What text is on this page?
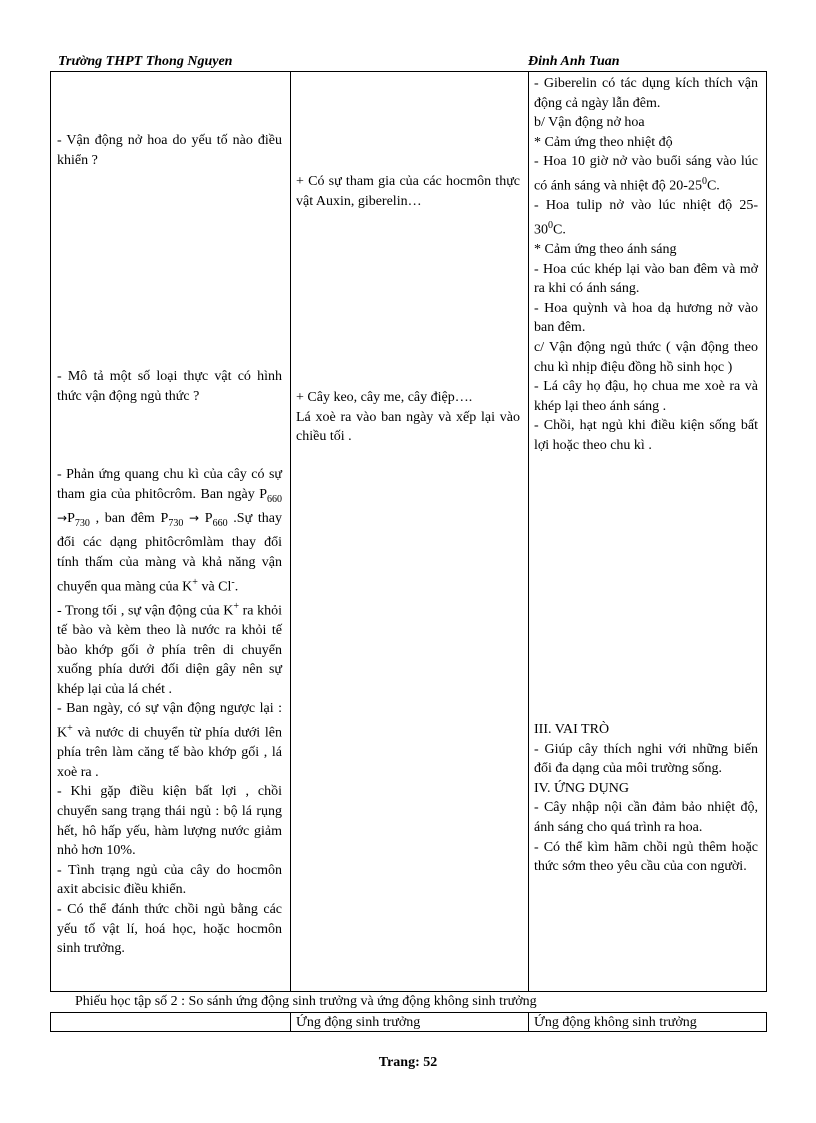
Trường THPT Thong Nguyen	Đinh Anh Tuan
- Vận động nở hoa do yếu tố nào điều khiển ?
- Mô tả một số loại thực vật có hình thức vận động ngủ thức ?
- Phản ứng quang chu kì của cây có sự tham gia của phitôcrôm. Ban ngày $P_{660} \to P_{730}$ , ban đêm $P_{730} \to P_{660}$ .Sự thay đổi các dạng phitôcrômlàm thay đổi tính thấm của màng và khả năng vận chuyển qua màng của K+ và Cl-.
- Trong tối , sự vận động của K+ ra khỏi tế bào và kèm theo là nước ra khỏi tế bào khớp gối ở phía trên di chuyển xuống phía dưới đối diện gây nên sự khép lại của lá chét .
- Ban ngày, có sự vận động ngược lại : K+ và nước di chuyển từ phía dưới lên phía trên làm căng tế bào khớp gối , lá xoè ra .
- Khi gặp điều kiện bất lợi , chồi chuyển sang trạng thái ngủ : bộ lá rụng hết, hô hấp yếu, hàm lượng nước giảm nhỏ hơn 10%.
- Tình trạng ngủ của cây do hocmôn axit abcisic điều khiển.
- Có thể đánh thức chồi ngủ bằng các yếu tố vật lí, hoá học, hoặc hocmôn sinh trưởng.
+ Có sự tham gia của các hocmôn thực vật Auxin, giberelin…
+ Cây keo, cây me, cây điệp….
Lá xoè ra vào ban ngày và xếp lại vào chiều tối .
- Giberelin có tác dụng kích thích vận động cả ngày lẫn đêm.
b/ Vận động nở hoa
* Cảm ứng theo nhiệt độ
- Hoa 10 giờ nở vào buổi sáng vào lúc có ánh sáng và nhiệt độ $20-25^0C$.
- Hoa tulip nở vào lúc nhiệt độ $25-30^0C$.
* Cảm ứng theo ánh sáng
- Hoa cúc khép lại vào ban đêm và mở ra khi có ánh sáng.
- Hoa quỳnh và hoa dạ hương nở vào ban đêm.
c/ Vận động ngủ thức ( vận động theo chu kì nhịp điệu đồng hồ sinh học )
- Lá cây họ đậu, họ chua me xoè ra và khép lại theo ánh sáng .
- Chồi, hạt ngủ khi điều kiện sống bất lợi hoặc theo chu kì .
III. VAI TRÒ
- Giúp cây thích nghi với những biến đổi đa dạng của môi trường sống.
IV. ỨNG DỤNG
- Cây nhập nội cần đảm bảo nhiệt độ, ánh sáng cho quá trình ra hoa.
- Có thể kìm hãm chồi ngủ thêm hoặc thức sớm theo yêu cầu của con người.
Phiếu học tập số 2 : So sánh ứng động sinh trưởng và ứng động không sinh trưởng
Ứng động sinh trưởng	Ứng động không sinh trưởng
Trang: 52
